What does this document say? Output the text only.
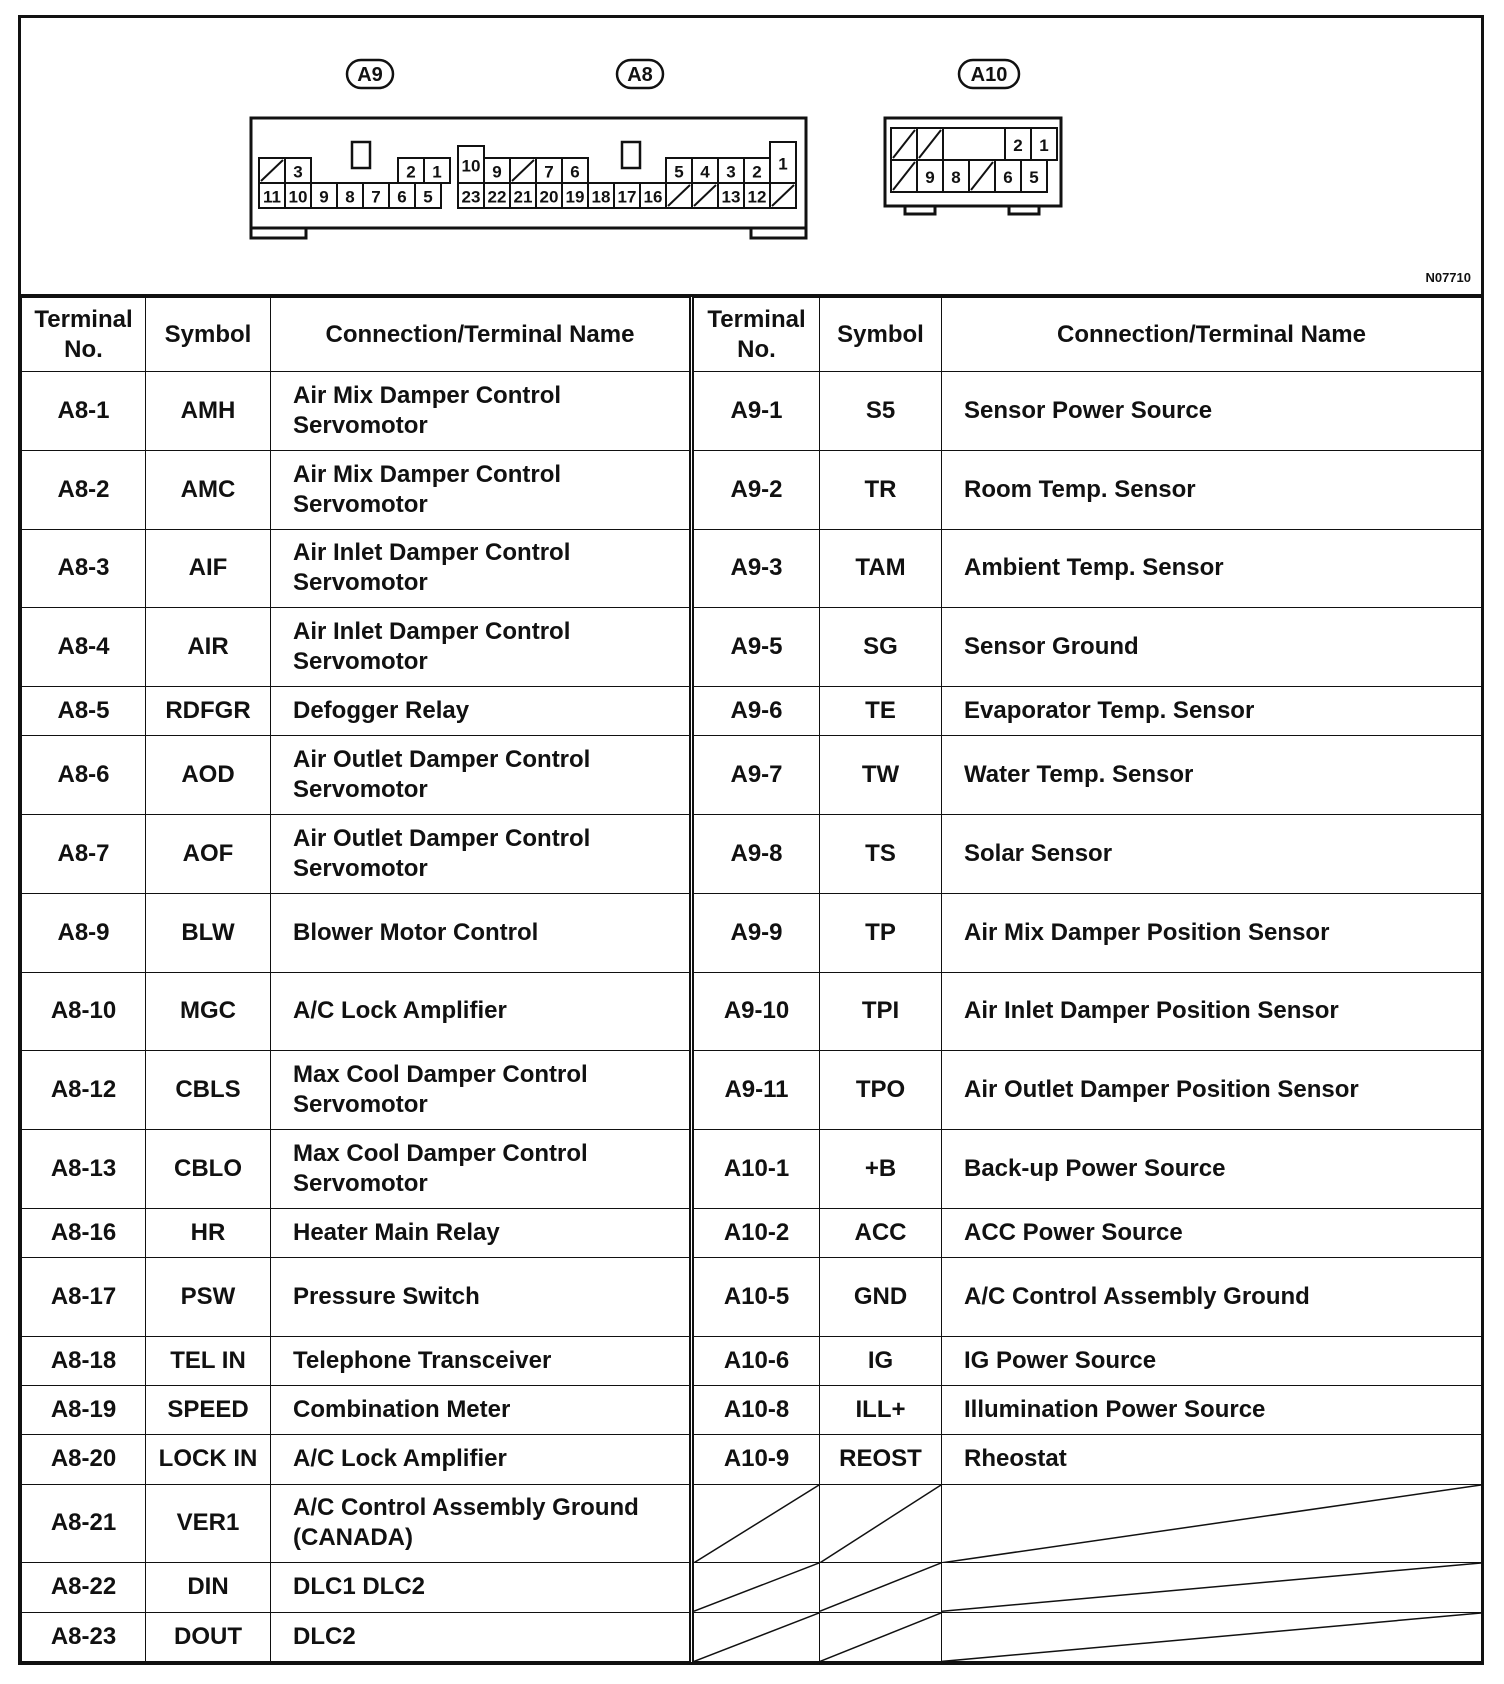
A9	A8	A10
3	2 1
11 10 9 8 7 6 5
10 9	7 6	5 4 3 2 1
23 22 21 20 19 18 17 16	13 12
2 1
9 8	6 5
N07710
Terminal No.	Symbol	Connection/Terminal Name	Terminal No.	Symbol	Connection/Terminal Name
A8-1	AMH	Air Mix Damper Control Servomotor	A9-1	S5	Sensor Power Source
A8-2	AMC	Air Mix Damper Control Servomotor	A9-2	TR	Room Temp. Sensor
A8-3	AIF	Air Inlet Damper Control Servomotor	A9-3	TAM	Ambient Temp. Sensor
A8-4	AIR	Air Inlet Damper Control Servomotor	A9-5	SG	Sensor Ground
A8-5	RDFGR	Defogger Relay	A9-6	TE	Evaporator Temp. Sensor
A8-6	AOD	Air Outlet Damper Control Servomotor	A9-7	TW	Water Temp. Sensor
A8-7	AOF	Air Outlet Damper Control Servomotor	A9-8	TS	Solar Sensor
A8-9	BLW	Blower Motor Control	A9-9	TP	Air Mix Damper Position Sensor
A8-10	MGC	A/C Lock Amplifier	A9-10	TPI	Air Inlet Damper Position Sensor
A8-12	CBLS	Max Cool Damper Control Servomotor	A9-11	TPO	Air Outlet Damper Position Sensor
A8-13	CBLO	Max Cool Damper Control Servomotor	A10-1	+B	Back-up Power Source
A8-16	HR	Heater Main Relay	A10-2	ACC	ACC Power Source
A8-17	PSW	Pressure Switch	A10-5	GND	A/C Control Assembly Ground
A8-18	TEL IN	Telephone Transceiver	A10-6	IG	IG Power Source
A8-19	SPEED	Combination Meter	A10-8	ILL+	Illumination Power Source
A8-20	LOCK IN	A/C Lock Amplifier	A10-9	REOST	Rheostat
A8-21	VER1	A/C Control Assembly Ground (CANADA)	

A8-22	DIN	DLC1 DLC2	

A8-23	DOUT	DLC2	
